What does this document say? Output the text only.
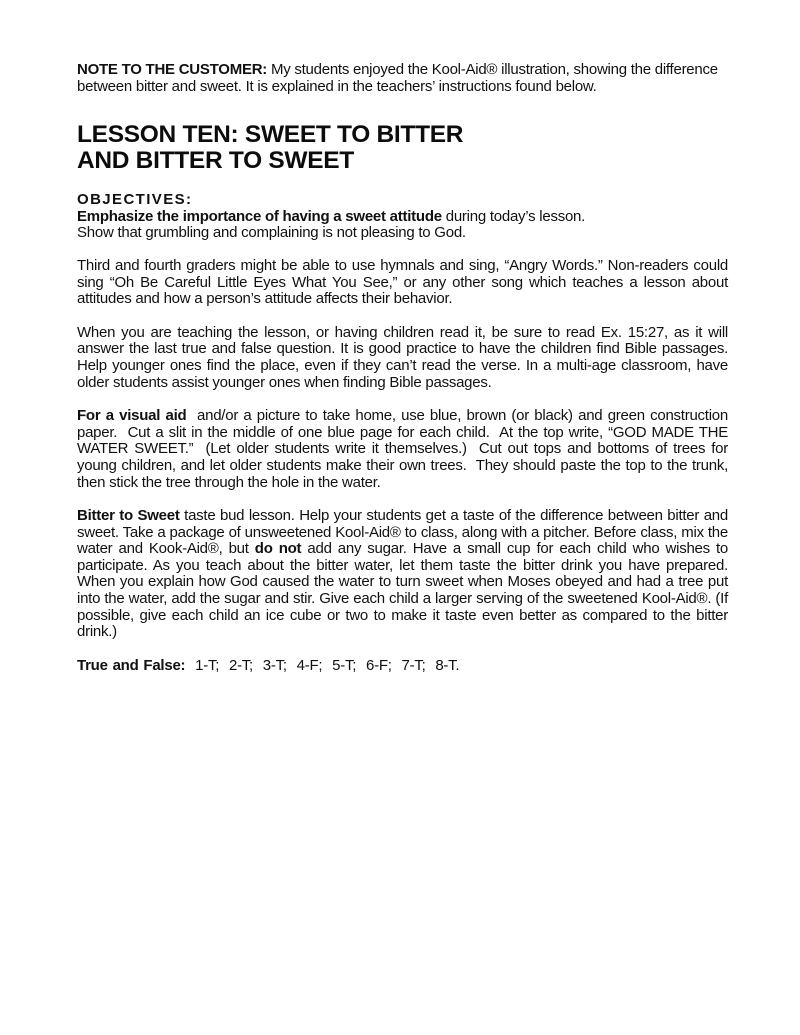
NOTE TO THE CUSTOMER: My students enjoyed the Kool-Aid® illustration, showing the difference between bitter and sweet. It is explained in the teachers’ instructions found below.

LESSON TEN: SWEET TO BITTER
AND BITTER TO SWEET
OBJECTIVES:
Emphasize the importance of having a sweet attitude during today’s lesson.
Show that grumbling and complaining is not pleasing to God.

Third and fourth graders might be able to use hymnals and sing, “Angry Words.” Non-readers could sing “Oh Be Careful Little Eyes What You See,” or any other song which teaches a lesson about attitudes and how a person’s attitude affects their behavior.

When you are teaching the lesson, or having children read it, be sure to read Ex. 15:27, as it will answer the last true and false question. It is good practice to have the children find Bible passages. Help younger ones find the place, even if they can’t read the verse. In a multi-age classroom, have older students assist younger ones when finding Bible passages.

For a visual aid  and/or a picture to take home, use blue, brown (or black) and green construction paper.  Cut a slit in the middle of one blue page for each child.  At the top write, “GOD MADE THE WATER SWEET.”  (Let older students write it themselves.)  Cut out tops and bottoms of trees for young children, and let older students make their own trees.  They should paste the top to the trunk, then stick the tree through the hole in the water.

Bitter to Sweet taste bud lesson. Help your students get a taste of the difference between bitter and sweet. Take a package of unsweetened Kool-Aid® to class, along with a pitcher. Before class, mix the water and Kook-Aid®, but do not add any sugar. Have a small cup for each child who wishes to participate. As you teach about the bitter water, let them taste the bitter drink you have prepared. When you explain how God caused the water to turn sweet when Moses obeyed and had a tree put into the water, add the sugar and stir. Give each child a larger serving of the sweetened Kool-Aid®. (If possible, give each child an ice cube or two to make it taste even better as compared to the bitter drink.)

True and False:  1-T;  2-T;  3-T;  4-F;  5-T;  6-F;  7-T;  8-T.
